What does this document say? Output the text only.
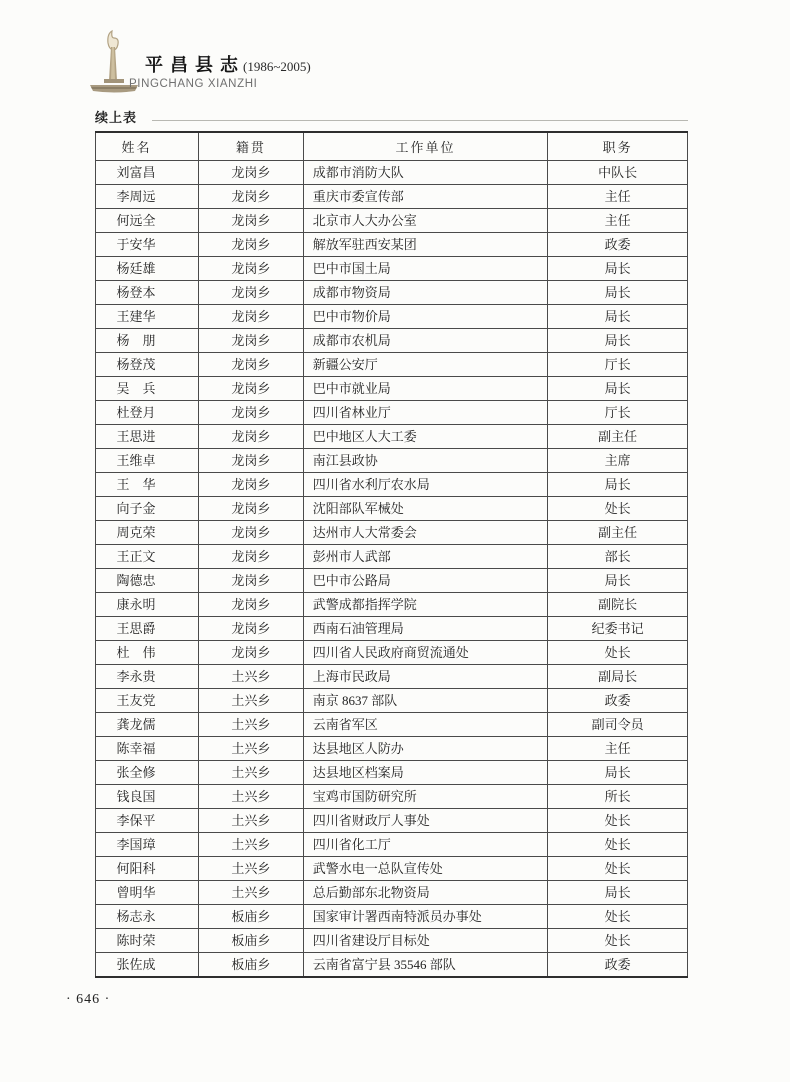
平昌县志(1986~2005)
PINGCHANG XIANZHI
续上表
姓名	籍贯	工作单位	职务
刘富昌	龙岗乡	成都市消防大队	中队长
李周远	龙岗乡	重庆市委宣传部	主任
何远全	龙岗乡	北京市人大办公室	主任
于安华	龙岗乡	解放军驻西安某团	政委
杨廷雄	龙岗乡	巴中市国土局	局长
杨登本	龙岗乡	成都市物资局	局长
王建华	龙岗乡	巴中市物价局	局长
杨　朋	龙岗乡	成都市农机局	局长
杨登茂	龙岗乡	新疆公安厅	厅长
吴　兵	龙岗乡	巴中市就业局	局长
杜登月	龙岗乡	四川省林业厅	厅长
王思进	龙岗乡	巴中地区人大工委	副主任
王维卓	龙岗乡	南江县政协	主席
王　华	龙岗乡	四川省水利厅农水局	局长
向子金	龙岗乡	沈阳部队军械处	处长
周克荣	龙岗乡	达州市人大常委会	副主任
王正文	龙岗乡	彭州市人武部	部长
陶德忠	龙岗乡	巴中市公路局	局长
康永明	龙岗乡	武警成都指挥学院	副院长
王思爵	龙岗乡	西南石油管理局	纪委书记
杜　伟	龙岗乡	四川省人民政府商贸流通处	处长
李永贵	土兴乡	上海市民政局	副局长
王友党	土兴乡	南京 8637 部队	政委
龚龙儒	土兴乡	云南省军区	副司令员
陈幸福	土兴乡	达县地区人防办	主任
张全修	土兴乡	达县地区档案局	局长
钱良国	土兴乡	宝鸡市国防研究所	所长
李保平	土兴乡	四川省财政厅人事处	处长
李国璋	土兴乡	四川省化工厅	处长
何阳科	土兴乡	武警水电一总队宣传处	处长
曾明华	土兴乡	总后勤部东北物资局	局长
杨志永	板庙乡	国家审计署西南特派员办事处	处长
陈时荣	板庙乡	四川省建设厅目标处	处长
张佐成	板庙乡	云南省富宁县 35546 部队	政委
· 646 ·
